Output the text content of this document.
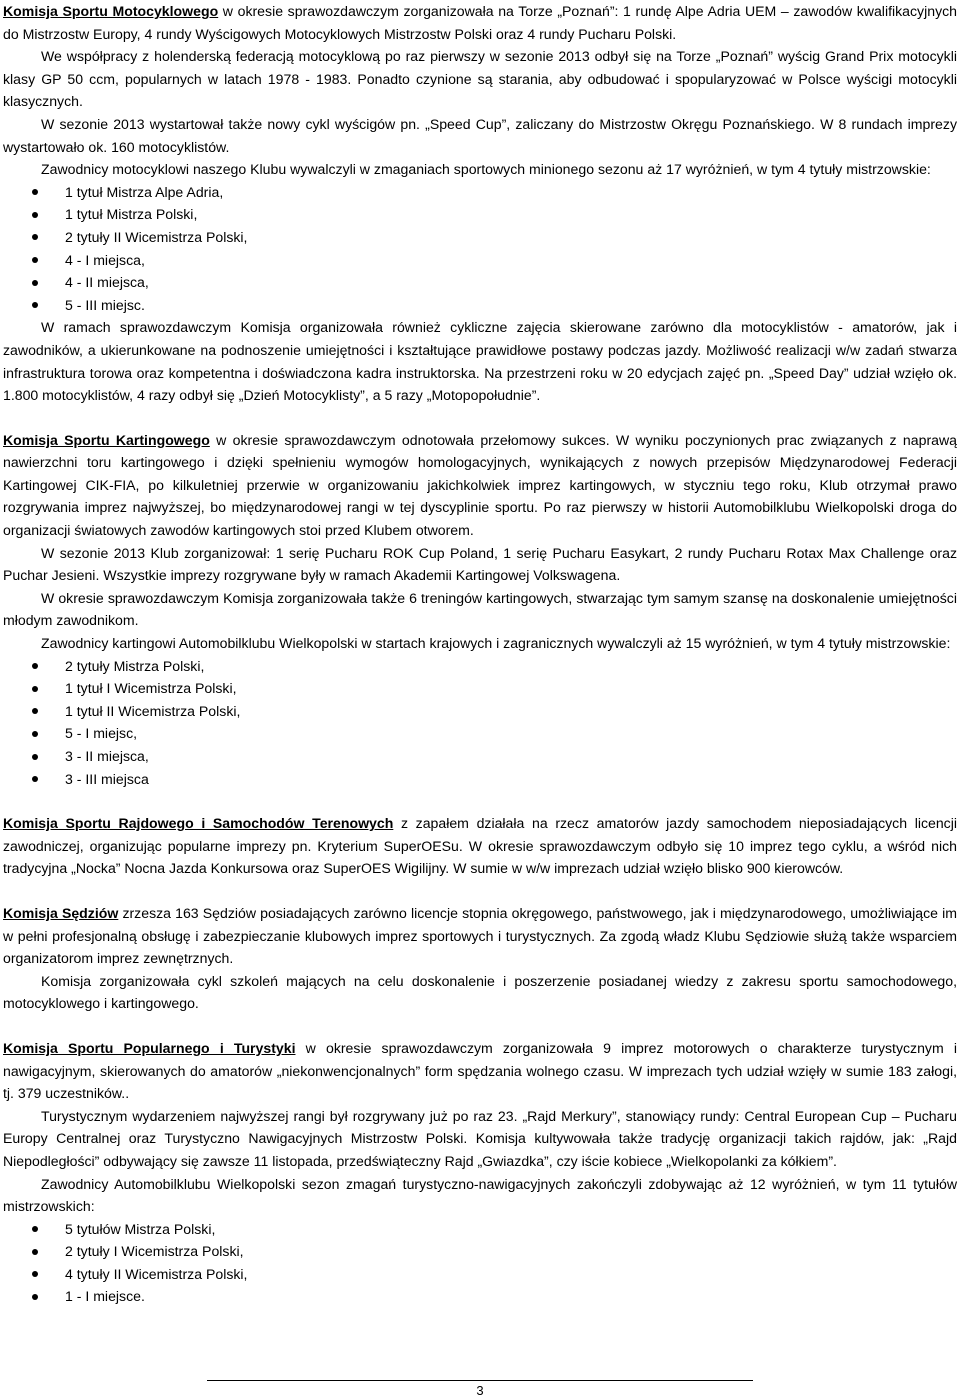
Komisja Sportu Motocyklowego w okresie sprawozdawczym zorganizowała na Torze „Poznań”: 1 rundę Alpe Adria UEM – zawodów kwalifikacyjnych do Mistrzostw Europy, 4 rundy Wyścigowych Motocyklowych Mistrzostw Polski oraz 4 rundy Pucharu Polski.

We współpracy z holenderską federacją motocyklową po raz pierwszy w sezonie 2013 odbył się na Torze „Poznań” wyścig Grand Prix motocykli klasy GP 50 ccm, popularnych w latach 1978 - 1983. Ponadto czynione są starania, aby odbudować i spopularyzować w Polsce wyścigi motocykli klasycznych.

W sezonie 2013 wystartował także nowy cykl wyścigów pn. „Speed Cup”, zaliczany do Mistrzostw Okręgu Poznańskiego. W 8 rundach imprezy wystartowało ok. 160 motocyklistów.

Zawodnicy motocyklowi naszego Klubu wywalczyli w zmaganiach sportowych minionego sezonu aż 17 wyróżnień, w tym 4 tytuły mistrzowskie:

1 tytuł Mistrza Alpe Adria,
1 tytuł Mistrza Polski,
2 tytuły II Wicemistrza Polski,
4 - I miejsca,
4 - II miejsca,
5 - III miejsc.

W ramach sprawozdawczym Komisja organizowała również cykliczne zajęcia skierowane zarówno dla motocyklistów - amatorów, jak i zawodników, a ukierunkowane na podnoszenie umiejętności i kształtujące prawidłowe postawy podczas jazdy. Możliwość realizacji w/w zadań stwarza infrastruktura torowa oraz kompetentna i doświadczona kadra instruktorska. Na przestrzeni roku w 20 edycjach zajęć pn. „Speed Day” udział wzięło ok. 1.800 motocyklistów, 4 razy odbył się „Dzień Motocyklisty”, a 5 razy „Motopopołudnie”.

Komisja Sportu Kartingowego w okresie sprawozdawczym odnotowała przełomowy sukces. W wyniku poczynionych prac związanych z naprawą nawierzchni toru kartingowego i dzięki spełnieniu wymogów homologacyjnych, wynikających z nowych przepisów Międzynarodowej Federacji Kartingowej CIK-FIA, po kilkuletniej przerwie w organizowaniu jakichkolwiek imprez kartingowych, w styczniu tego roku, Klub otrzymał prawo rozgrywania imprez najwyższej, bo międzynarodowej rangi w tej dyscyplinie sportu. Po raz pierwszy w historii Automobilklubu Wielkopolski droga do organizacji światowych zawodów kartingowych stoi przed Klubem otworem.

W sezonie 2013 Klub zorganizował: 1 serię Pucharu ROK Cup Poland, 1 serię Pucharu Easykart, 2 rundy Pucharu Rotax Max Challenge oraz Puchar Jesieni. Wszystkie imprezy rozgrywane były w ramach Akademii Kartingowej Volkswagena.

W okresie sprawozdawczym Komisja zorganizowała także 6 treningów kartingowych, stwarzając tym samym szansę na doskonalenie umiejętności młodym zawodnikom.

Zawodnicy kartingowi Automobilklubu Wielkopolski w startach krajowych i zagranicznych wywalczyli aż 15 wyróżnień, w tym 4 tytuły mistrzowskie:

2 tytuły Mistrza Polski,
1 tytuł I Wicemistrza Polski,
1 tytuł II Wicemistrza Polski,
5 - I miejsc,
3 - II miejsca,
3 - III miejsca

Komisja Sportu Rajdowego i Samochodów Terenowych z zapałem działała na rzecz amatorów jazdy samochodem nieposiadających licencji zawodniczej, organizując popularne imprezy pn. Kryterium SuperOESu. W okresie sprawozdawczym odbyło się 10 imprez tego cyklu, a wśród nich tradycyjna „Nocka” Nocna Jazda Konkursowa oraz SuperOES Wigilijny. W sumie w w/w imprezach udział wzięło blisko 900 kierowców.

Komisja Sędziów zrzesza 163 Sędziów posiadających zarówno licencje stopnia okręgowego, państwowego, jak i międzynarodowego, umożliwiające im w pełni profesjonalną obsługę i zabezpieczanie klubowych imprez sportowych i turystycznych. Za zgodą władz Klubu Sędziowie służą także wsparciem organizatorom imprez zewnętrznych.

Komisja zorganizowała cykl szkoleń mających na celu doskonalenie i poszerzenie posiadanej wiedzy z zakresu sportu samochodowego, motocyklowego i kartingowego.

Komisja Sportu Popularnego i Turystyki w okresie sprawozdawczym zorganizowała 9 imprez motorowych o charakterze turystycznym i nawigacyjnym, skierowanych do amatorów „niekonwencjonalnych” form spędzania wolnego czasu. W imprezach tych udział wzięły w sumie 183 załogi, tj. 379 uczestników..

Turystycznym wydarzeniem najwyższej rangi był rozgrywany już po raz 23. „Rajd Merkury”, stanowiący rundy: Central European Cup – Pucharu Europy Centralnej oraz Turystyczno Nawigacyjnych Mistrzostw Polski. Komisja kultywowała także tradycję organizacji takich rajdów, jak: „Rajd Niepodległości” odbywający się zawsze 11 listopada, przedświąteczny Rajd „Gwiazdka”, czy iście kobiece „Wielkopolanki za kółkiem”.

Zawodnicy Automobilklubu Wielkopolski sezon zmagań turystyczno-nawigacyjnych zakończyli zdobywając aż 12 wyróżnień, w tym 11 tytułów mistrzowskich:

5 tytułów Mistrza Polski,
2 tytuły I Wicemistrza Polski,
4 tytuły II Wicemistrza Polski,
1 - I miejsce.
3
